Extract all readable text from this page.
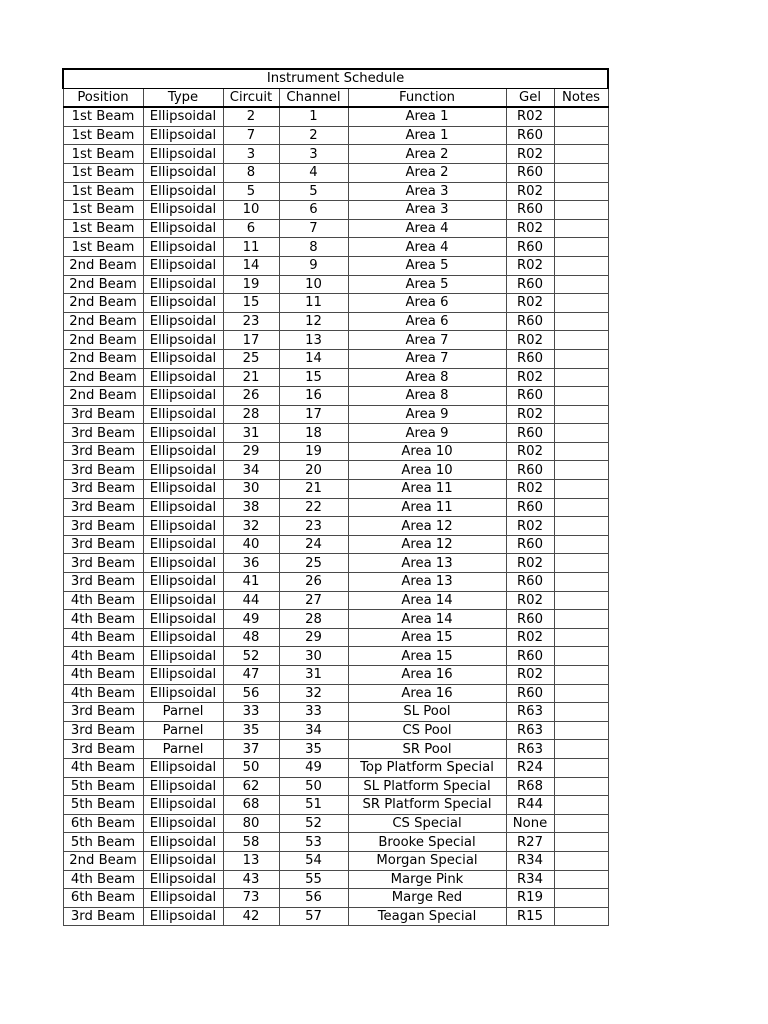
Instrument Schedule						
Position	Type	Circuit	Channel	Function	Gel	Notes
1st Beam	Ellipsoidal	2	1	Area 1	R02	
1st Beam	Ellipsoidal	7	2	Area 1	R60	
1st Beam	Ellipsoidal	3	3	Area 2	R02	
1st Beam	Ellipsoidal	8	4	Area 2	R60	
1st Beam	Ellipsoidal	5	5	Area 3	R02	
1st Beam	Ellipsoidal	10	6	Area 3	R60	
1st Beam	Ellipsoidal	6	7	Area 4	R02	
1st Beam	Ellipsoidal	11	8	Area 4	R60	
2nd Beam	Ellipsoidal	14	9	Area 5	R02	
2nd Beam	Ellipsoidal	19	10	Area 5	R60	
2nd Beam	Ellipsoidal	15	11	Area 6	R02	
2nd Beam	Ellipsoidal	23	12	Area 6	R60	
2nd Beam	Ellipsoidal	17	13	Area 7	R02	
2nd Beam	Ellipsoidal	25	14	Area 7	R60	
2nd Beam	Ellipsoidal	21	15	Area 8	R02	
2nd Beam	Ellipsoidal	26	16	Area 8	R60	
3rd Beam	Ellipsoidal	28	17	Area 9	R02	
3rd Beam	Ellipsoidal	31	18	Area 9	R60	
3rd Beam	Ellipsoidal	29	19	Area 10	R02	
3rd Beam	Ellipsoidal	34	20	Area 10	R60	
3rd Beam	Ellipsoidal	30	21	Area 11	R02	
3rd Beam	Ellipsoidal	38	22	Area 11	R60	
3rd Beam	Ellipsoidal	32	23	Area 12	R02	
3rd Beam	Ellipsoidal	40	24	Area 12	R60	
3rd Beam	Ellipsoidal	36	25	Area 13	R02	
3rd Beam	Ellipsoidal	41	26	Area 13	R60	
4th Beam	Ellipsoidal	44	27	Area 14	R02	
4th Beam	Ellipsoidal	49	28	Area 14	R60	
4th Beam	Ellipsoidal	48	29	Area 15	R02	
4th Beam	Ellipsoidal	52	30	Area 15	R60	
4th Beam	Ellipsoidal	47	31	Area 16	R02	
4th Beam	Ellipsoidal	56	32	Area 16	R60	
3rd Beam	Parnel	33	33	SL Pool	R63	
3rd Beam	Parnel	35	34	CS Pool	R63	
3rd Beam	Parnel	37	35	SR Pool	R63	
4th Beam	Ellipsoidal	50	49	Top Platform Special	R24	
5th Beam	Ellipsoidal	62	50	SL Platform Special	R68	
5th Beam	Ellipsoidal	68	51	SR Platform Special	R44	
6th Beam	Ellipsoidal	80	52	CS Special	None	
5th Beam	Ellipsoidal	58	53	Brooke Special	R27	
2nd Beam	Ellipsoidal	13	54	Morgan Special	R34	
4th Beam	Ellipsoidal	43	55	Marge Pink	R34	
6th Beam	Ellipsoidal	73	56	Marge Red	R19	
3rd Beam	Ellipsoidal	42	57	Teagan Special	R15	
